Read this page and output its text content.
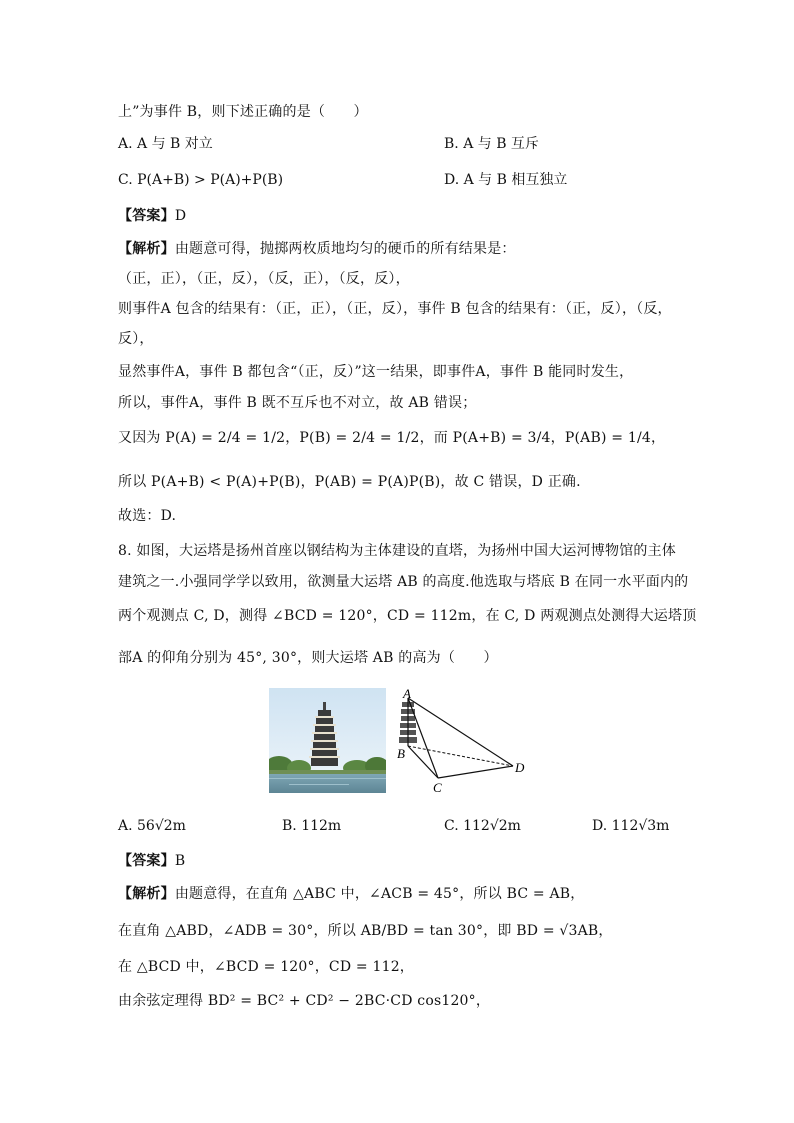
上”为事件 B，则下述正确的是（　　）
A. A 与 B 对立	B. A 与 B 互斥
C. P(A+B) > P(A)+P(B)	D. A 与 B 相互独立
【答案】D
【解析】由题意可得，抛掷两枚质地均匀的硬币的所有结果是：
（正，正），（正，反），（反，正），（反，反），
则事件A 包含的结果有：（正，正），（正，反），事件 B 包含的结果有：（正，反），（反，
反），
显然事件A，事件 B 都包含“（正，反）”这一结果，即事件A，事件 B 能同时发生，
所以，事件A，事件 B 既不互斥也不对立，故 AB 错误；
又因为 P(A) = 2/4 = 1/2，P(B) = 2/4 = 1/2，而 P(A+B) = 3/4，P(AB) = 1/4，
所以 P(A+B) < P(A)+P(B)，P(AB) = P(A)P(B)，故 C 错误，D 正确.
故选：D.
8. 如图，大运塔是扬州首座以钢结构为主体建设的直塔，为扬州中国大运河博物馆的主体
建筑之一.小强同学学以致用，欲测量大运塔 AB 的高度.他选取与塔底 B 在同一水平面内的
两个观测点 C, D，测得 ∠BCD = 120°，CD = 112m，在 C, D 两观测点处测得大运塔顶
部A 的仰角分别为 45°, 30°，则大运塔 AB 的高为（　　）
A
B
C
D
A. 56√2m	B. 112m	C. 112√2m	D. 112√3m
【答案】B
【解析】由题意得，在直角 △ABC 中，∠ACB = 45°，所以 BC = AB，
在直角 △ABD，∠ADB = 30°，所以 AB/BD = tan 30°，即 BD = √3AB，
在 △BCD 中，∠BCD = 120°，CD = 112，
由余弦定理得 BD² = BC² + CD² − 2BC·CD cos120°，
